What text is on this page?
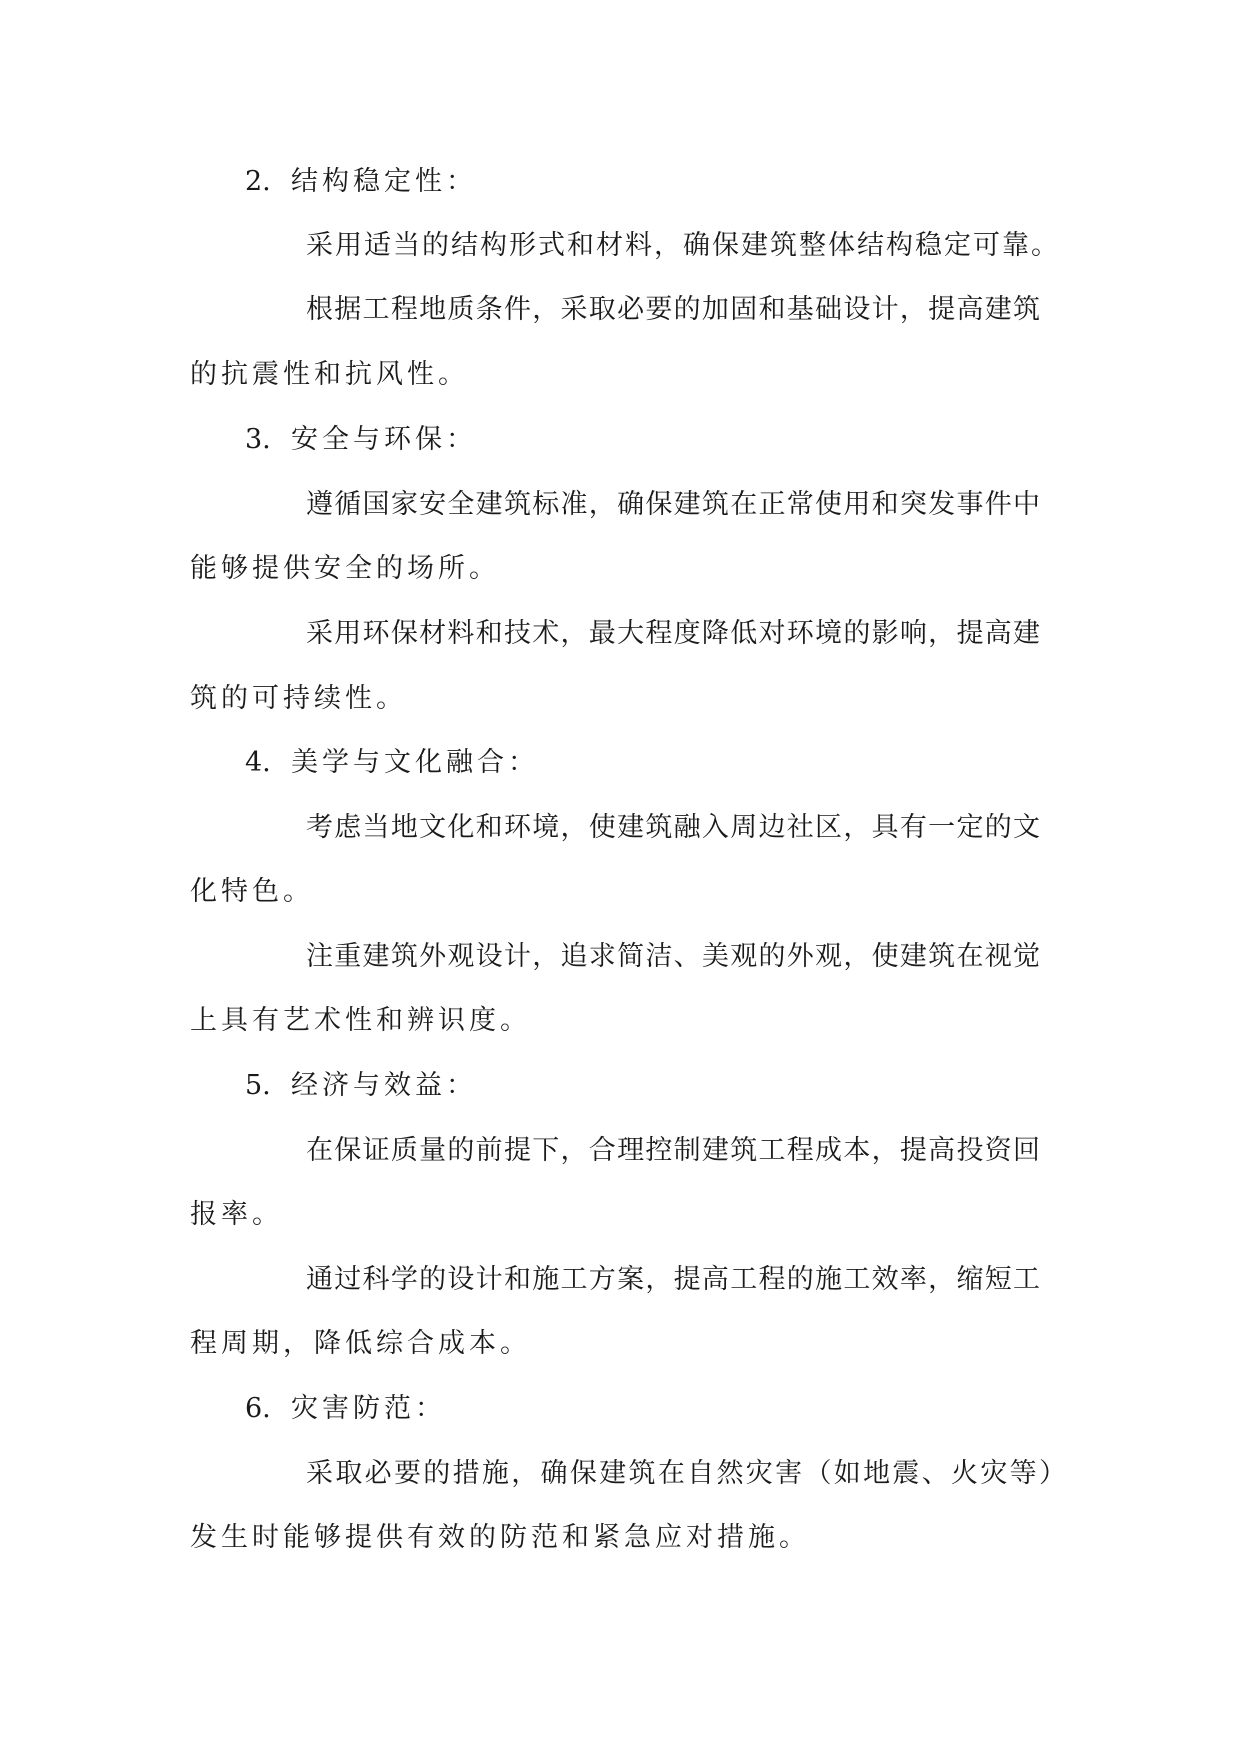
2. 结构稳定性：
采用适当的结构形式和材料，确保建筑整体结构稳定可靠。
根据工程地质条件，采取必要的加固和基础设计，提高建筑
的抗震性和抗风性。
3. 安全与环保：
遵循国家安全建筑标准，确保建筑在正常使用和突发事件中
能够提供安全的场所。
采用环保材料和技术，最大程度降低对环境的影响，提高建
筑的可持续性。
4. 美学与文化融合：
考虑当地文化和环境，使建筑融入周边社区，具有一定的文
化特色。
注重建筑外观设计，追求简洁、美观的外观，使建筑在视觉
上具有艺术性和辨识度。
5. 经济与效益：
在保证质量的前提下，合理控制建筑工程成本，提高投资回
报率。
通过科学的设计和施工方案，提高工程的施工效率，缩短工
程周期，降低综合成本。
6. 灾害防范：
采取必要的措施，确保建筑在自然灾害（如地震、火灾等）
发生时能够提供有效的防范和紧急应对措施。
